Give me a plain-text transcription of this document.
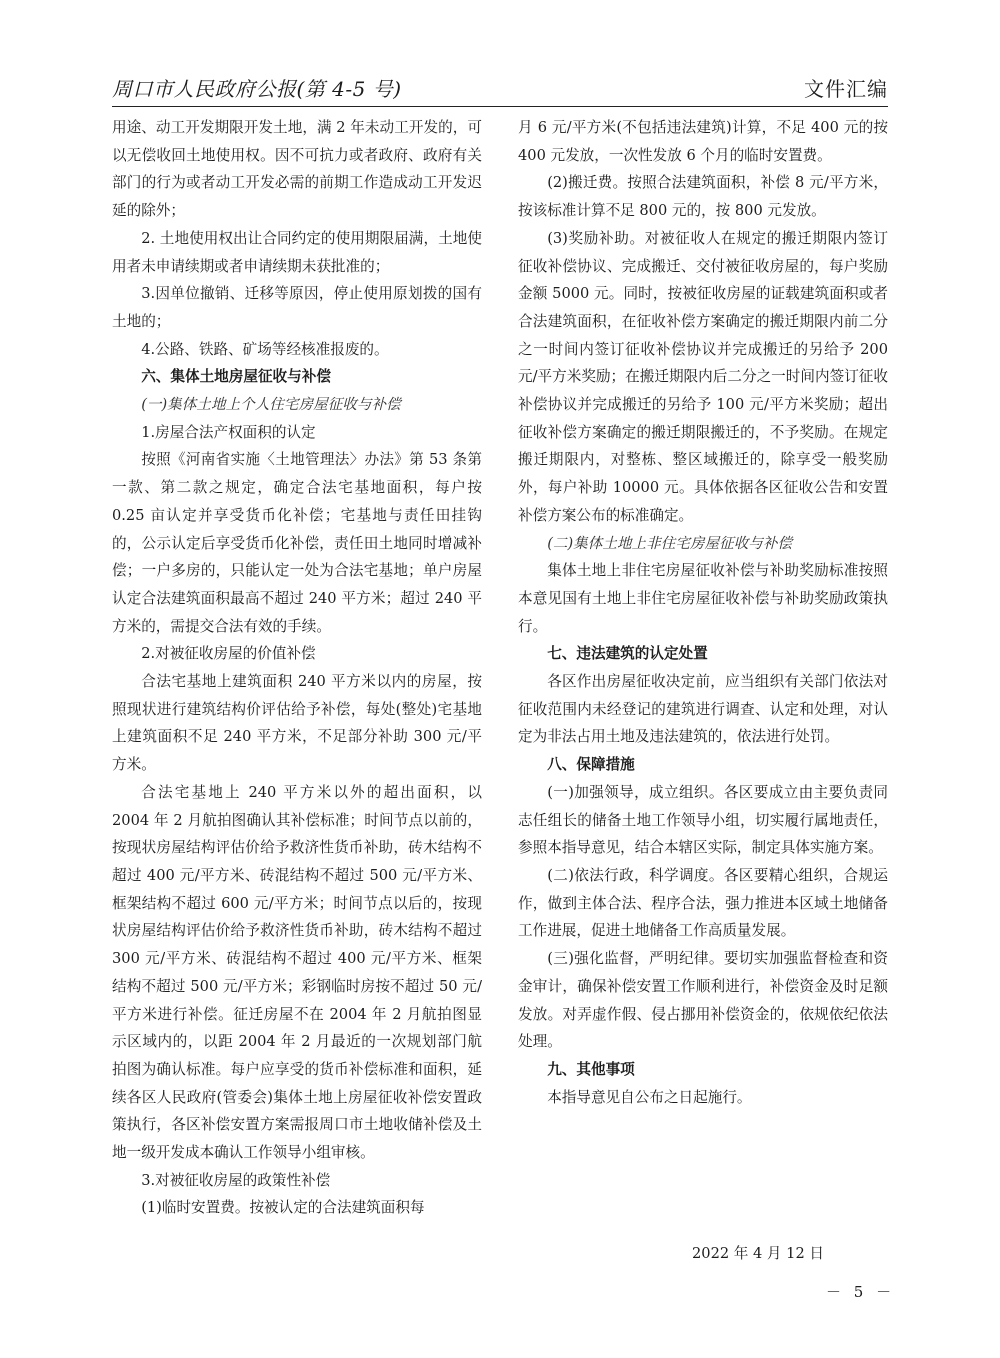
周口市人民政府公报(第 4-5 号)	文件汇编

用途、动工开发期限开发土地，满 2 年未动工开发的，可以无偿收回土地使用权。因不可抗力或者政府、政府有关部门的行为或者动工开发必需的前期工作造成动工开发迟延的除外；

2. 土地使用权出让合同约定的使用期限届满，土地使用者未申请续期或者申请续期未获批准的；

3.因单位撤销、迁移等原因，停止使用原划拨的国有土地的；

4.公路、铁路、矿场等经核准报废的。

六、集体土地房屋征收与补偿

(一)集体土地上个人住宅房屋征收与补偿

1.房屋合法产权面积的认定

按照《河南省实施〈土地管理法〉办法》第 53 条第一款、第二款之规定，确定合法宅基地面积，每户按 0.25 亩认定并享受货币化补偿；宅基地与责任田挂钩的，公示认定后享受货币化补偿，责任田土地同时增减补偿；一户多房的，只能认定一处为合法宅基地；单户房屋认定合法建筑面积最高不超过 240 平方米；超过 240 平方米的，需提交合法有效的手续。

2.对被征收房屋的价值补偿

合法宅基地上建筑面积 240 平方米以内的房屋，按照现状进行建筑结构价评估给予补偿，每处(整处)宅基地上建筑面积不足 240 平方米，不足部分补助 300 元/平方米。

合法宅基地上 240 平方米以外的超出面积，以 2004 年 2 月航拍图确认其补偿标准；时间节点以前的，按现状房屋结构评估价给予救济性货币补助，砖木结构不超过 400 元/平方米、砖混结构不超过 500 元/平方米、框架结构不超过 600 元/平方米；时间节点以后的，按现状房屋结构评估价给予救济性货币补助，砖木结构不超过 300 元/平方米、砖混结构不超过 400 元/平方米、框架结构不超过 500 元/平方米；彩钢临时房按不超过 50 元/平方米进行补偿。征迁房屋不在 2004 年 2 月航拍图显示区域内的，以距 2004 年 2 月最近的一次规划部门航拍图为确认标准。每户应享受的货币补偿标准和面积，延续各区人民政府(管委会)集体土地上房屋征收补偿安置政策执行，各区补偿安置方案需报周口市土地收储补偿及土地一级开发成本确认工作领导小组审核。

3.对被征收房屋的政策性补偿

(1)临时安置费。按被认定的合法建筑面积每

月 6 元/平方米(不包括违法建筑)计算，不足 400 元的按 400 元发放，一次性发放 6 个月的临时安置费。

(2)搬迁费。按照合法建筑面积，补偿 8 元/平方米，按该标准计算不足 800 元的，按 800 元发放。

(3)奖励补助。对被征收人在规定的搬迁期限内签订征收补偿协议、完成搬迁、交付被征收房屋的，每户奖励金额 5000 元。同时，按被征收房屋的证载建筑面积或者合法建筑面积，在征收补偿方案确定的搬迁期限内前二分之一时间内签订征收补偿协议并完成搬迁的另给予 200 元/平方米奖励；在搬迁期限内后二分之一时间内签订征收补偿协议并完成搬迁的另给予 100 元/平方米奖励；超出征收补偿方案确定的搬迁期限搬迁的，不予奖励。在规定搬迁期限内，对整栋、整区域搬迁的，除享受一般奖励外，每户补助 10000 元。具体依据各区征收公告和安置补偿方案公布的标准确定。

(二)集体土地上非住宅房屋征收与补偿

集体土地上非住宅房屋征收补偿与补助奖励标准按照本意见国有土地上非住宅房屋征收补偿与补助奖励政策执行。

七、违法建筑的认定处置

各区作出房屋征收决定前，应当组织有关部门依法对征收范围内未经登记的建筑进行调查、认定和处理，对认定为非法占用土地及违法建筑的，依法进行处罚。

八、保障措施

(一)加强领导，成立组织。各区要成立由主要负责同志任组长的储备土地工作领导小组，切实履行属地责任，参照本指导意见，结合本辖区实际，制定具体实施方案。

(二)依法行政，科学调度。各区要精心组织，合规运作，做到主体合法、程序合法，强力推进本区域土地储备工作进展，促进土地储备工作高质量发展。

(三)强化监督，严明纪律。要切实加强监督检查和资金审计，确保补偿安置工作顺利进行，补偿资金及时足额发放。对弄虚作假、侵占挪用补偿资金的，依规依纪依法处理。

九、其他事项

本指导意见自公布之日起施行。

2022 年 4 月 12 日
－ 5 －
